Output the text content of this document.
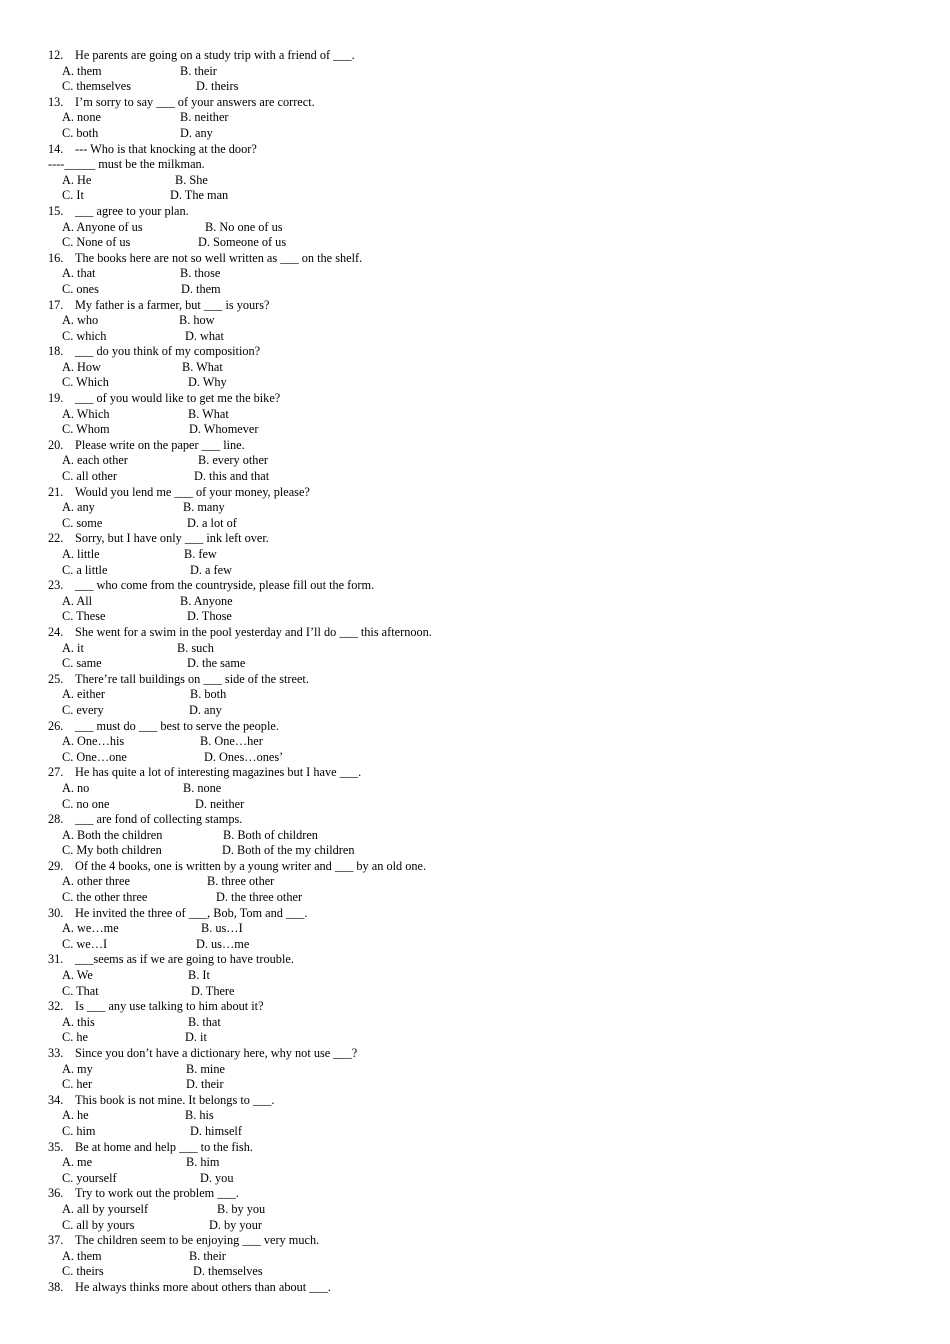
12. He parents are going on a study trip with a friend of ___.
A. them	B. their
C. themselves	D. theirs
13. I’m sorry to say ___ of your answers are correct.
A. none	B. neither
C. both	D. any
14. --- Who is that knocking at the door?
----_____ must be the milkman.
A. He	B. She
C. It	D. The man
15. ___ agree to your plan.
A. Anyone of us	B. No one of us
C. None of us	D. Someone of us
16. The books here are not so well written as ___ on the shelf.
A. that	B. those
C. ones	D. them
17. My father is a farmer, but ___ is yours?
A. who	B. how
C. which	D. what
18. ___ do you think of my composition?
A. How	B. What
C. Which	D. Why
19. ___ of you would like to get me the bike?
A. Which	B. What
C. Whom	D. Whomever
20. Please write on the paper ___ line.
A. each other	B. every other
C. all other	D. this and that
21. Would you lend me ___ of your money, please?
A. any	B. many
C. some	D. a lot of
22. Sorry, but I have only ___ ink left over.
A. little	B. few
C. a little	D. a few
23. ___ who come from the countryside, please fill out the form.
A. All	B. Anyone
C. These	D. Those
24. She went for a swim in the pool yesterday and I’ll do ___ this afternoon.
A. it	B. such
C. same	D. the same
25. There’re tall buildings on ___ side of the street.
A. either	B. both
C. every	D. any
26. ___ must do ___ best to serve the people.
A. One…his	B. One…her
C. One…one	D. Ones…ones’
27. He has quite a lot of interesting magazines but I have ___.
A. no	B. none
C. no one	D. neither
28. ___ are fond of collecting stamps.
A. Both the children	B. Both of children
C. My both children	D. Both of the my children
29. Of the 4 books, one is written by a young writer and ___ by an old one.
A. other three	B. three other
C. the other three	D. the three other
30. He invited the three of ___, Bob, Tom and ___.
A. we…me	B. us…I
C. we…I	D. us…me
31. ___seems as if we are going to have trouble.
A. We	B. It
C. That	D. There
32. Is ___ any use talking to him about it?
A. this	B. that
C. he	D. it
33. Since you don’t have a dictionary here, why not use ___?
A. my	B. mine
C. her	D. their
34. This book is not mine. It belongs to ___.
A. he	B. his
C. him	D. himself
35. Be at home and help ___ to the fish.
A. me	B. him
C. yourself	D. you
36. Try to work out the problem ___.
A. all by yourself	B. by you
C. all by yours	D. by your
37. The children seem to be enjoying ___ very much.
A. them	B. their
C. theirs	D. themselves
38. He always thinks more about others than about ___.
